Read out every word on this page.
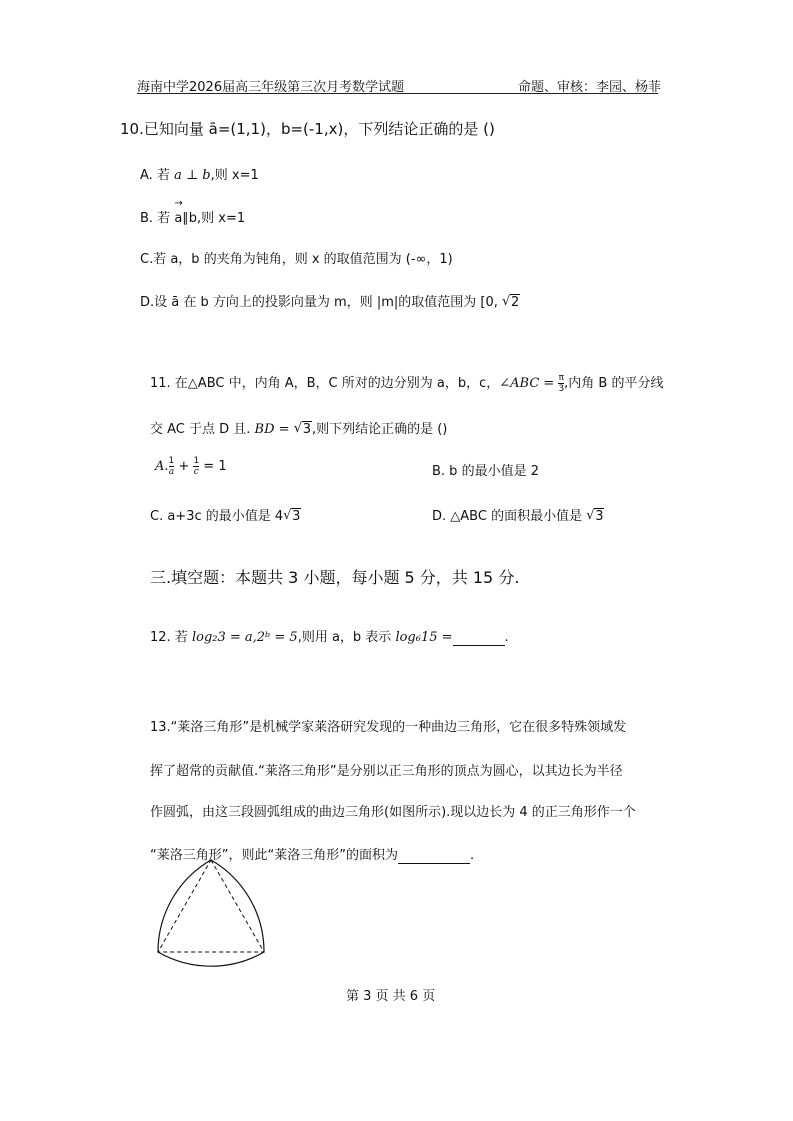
海南中学2026届高三年级第三次月考数学试题	命题、审核：李园、杨菲
10.已知向量 ā=(1,1)，b=(-1,x)，下列结论正确的是 ()
A. 若 a ⊥ b,则 x=1
B. 若 → a∥b,则 x=1
C.若 a，b 的夹角为钝角，则 x 的取值范围为 (-∞，1)
D.设 ā 在 b 方向上的投影向量为 m，则 |m|的取值范围为 [0, √ 2
11. 在△ABC 中，内角 A，B，C 所对的边分别为 a，b，c，∠ABC = $\frac{\pi}{3}$ ,内角 B 的平分线
交 AC 于点 D 且. BD = √ 3,则下列结论正确的是 ()
A. $\frac{1}{a} + \frac{1}{c} = 1$	B. b 的最小值是 2
C. a+3c 的最小值是 4√ 3	D. △ABC 的面积最小值是 √ 3
三.填空题：本题共 3 小题，每小题 5 分，共 15 分.
12. 若 log₂3 = a,2ᵇ = 5,则用 a，b 表示 log₆15 =	.
13.“莱洛三角形”是机械学家莱洛研究发现的一种曲边三角形，它在很多特殊领域发
挥了超常的贡献值.“莱洛三角形”是分别以正三角形的顶点为圆心，以其边长为半径
作圆弧，由这三段圆弧组成的曲边三角形(如图所示).现以边长为 4 的正三角形作一个
“莱洛三角形”，则此“莱洛三角形”的面积为	.
第 3 页 共 6 页
